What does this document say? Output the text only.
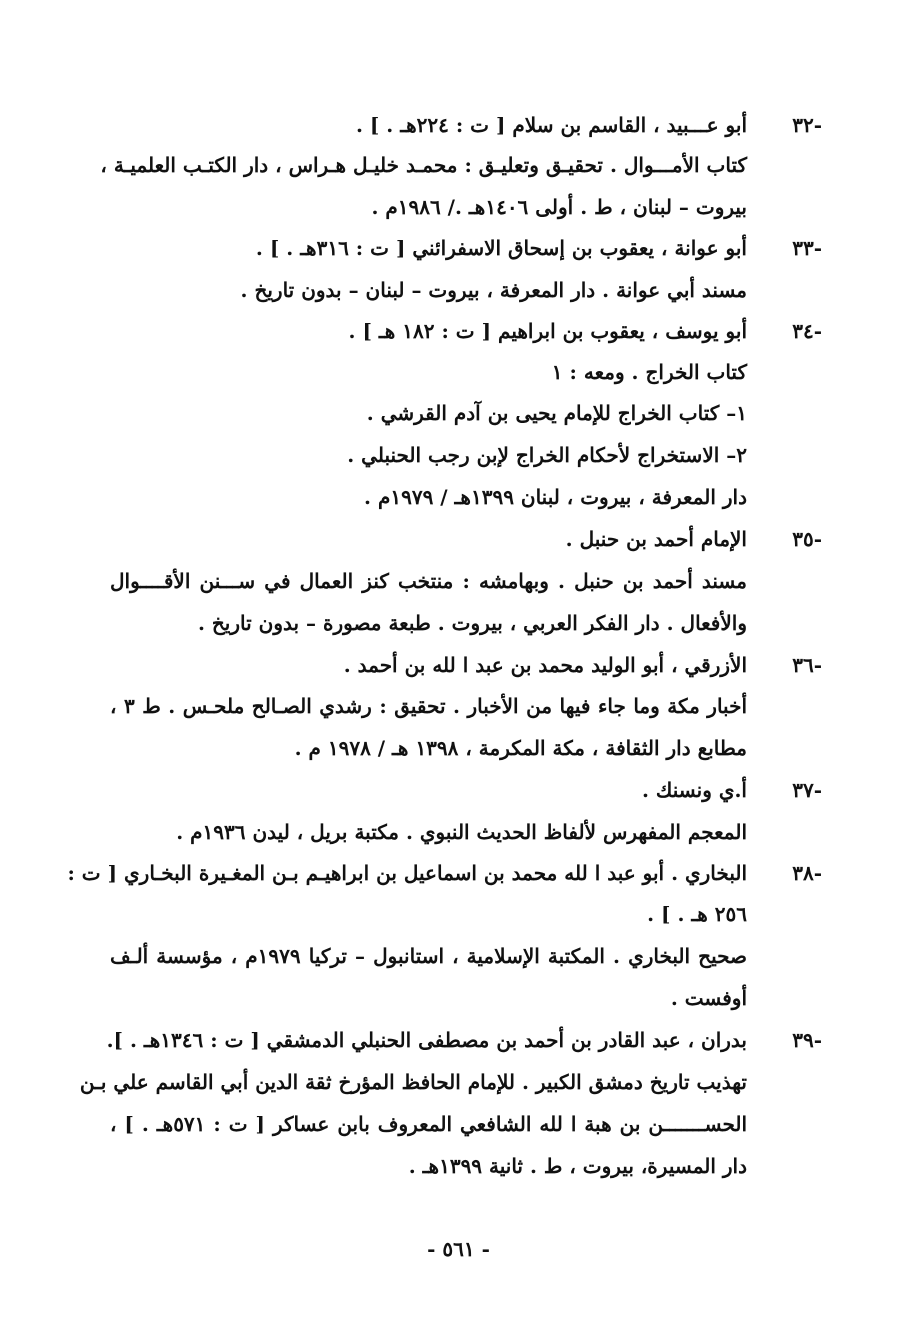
-٣٢
أبو عـــبيد ، القاسم بن سلام [ ت : ٢٢٤هـ . ] .
كتاب الأمـــوال . تحقيـق وتعليـق : محمـد خليـل هـراس ، دار الكتـب العلميـة ،
بيروت – لبنان ، ط . أولى ١٤٠٦هـ ./ ١٩٨٦م .
-٣٣
أبو عوانة ، يعقوب بن إسحاق الاسفرائني [ ت : ٣١٦هـ . ] .
مسند أبي عوانة . دار المعرفة ، بيروت – لبنان – بدون تاريخ .
-٣٤
أبو يوسف ، يعقوب بن ابراهيم [ ت : ١٨٢ هـ ] .
كتاب الخراج . ومعه : ١
١– كتاب الخراج للإمام يحيى بن آدم القرشي .
٢– الاستخراج لأحكام الخراج لإبن رجب الحنبلي .
دار المعرفة ، بيروت ، لبنان ١٣٩٩هـ / ١٩٧٩م .
-٣٥
الإمام أحمد بن حنبل .
مسند أحمد بن حنبل . وبهامشه : منتخب كنز العمال في ســـنن الأقــــوال
والأفعال . دار الفكر العربي ، بيروت . طبعة مصورة – بدون تاريخ .
-٣٦
الأزرقي ، أبو الوليد محمد بن عبد ا لله بن أحمد .
أخبار مكة وما جاء فيها من الأخبار . تحقيق : رشدي الصـالح ملحـس . ط ٣ ،
مطابع دار الثقافة ، مكة المكرمة ، ١٣٩٨ هـ / ١٩٧٨ م .
-٣٧
أ.ي ونسنك .
المعجم المفهرس لألفاظ الحديث النبوي . مكتبة بريل ، ليدن ١٩٣٦م .
-٣٨
البخاري . أبو عبد ا لله محمد بن اسماعيل بن ابراهيـم بـن المغـيرة البخـاري [ ت :
٢٥٦ هـ . ] .
صحيح البخاري . المكتبة الإسلامية ، استانبول – تركيا ١٩٧٩م ، مؤسسة ألـف
أوفست .
-٣٩
بدران ، عبد القادر بن أحمد بن مصطفى الحنبلي الدمشقي [ ت : ١٣٤٦هـ . ].
تهذيب تاريخ دمشق الكبير . للإمام الحافظ المؤرخ ثقة الدين أبي القاسم علي بـن
الحســـــــن بن هبة ا لله الشافعي المعروف بابن عساكر [ ت : ٥٧١هـ . ] ،
دار المسيرة، بيروت ، ط . ثانية ١٣٩٩هـ .
- ٥٦١ -
